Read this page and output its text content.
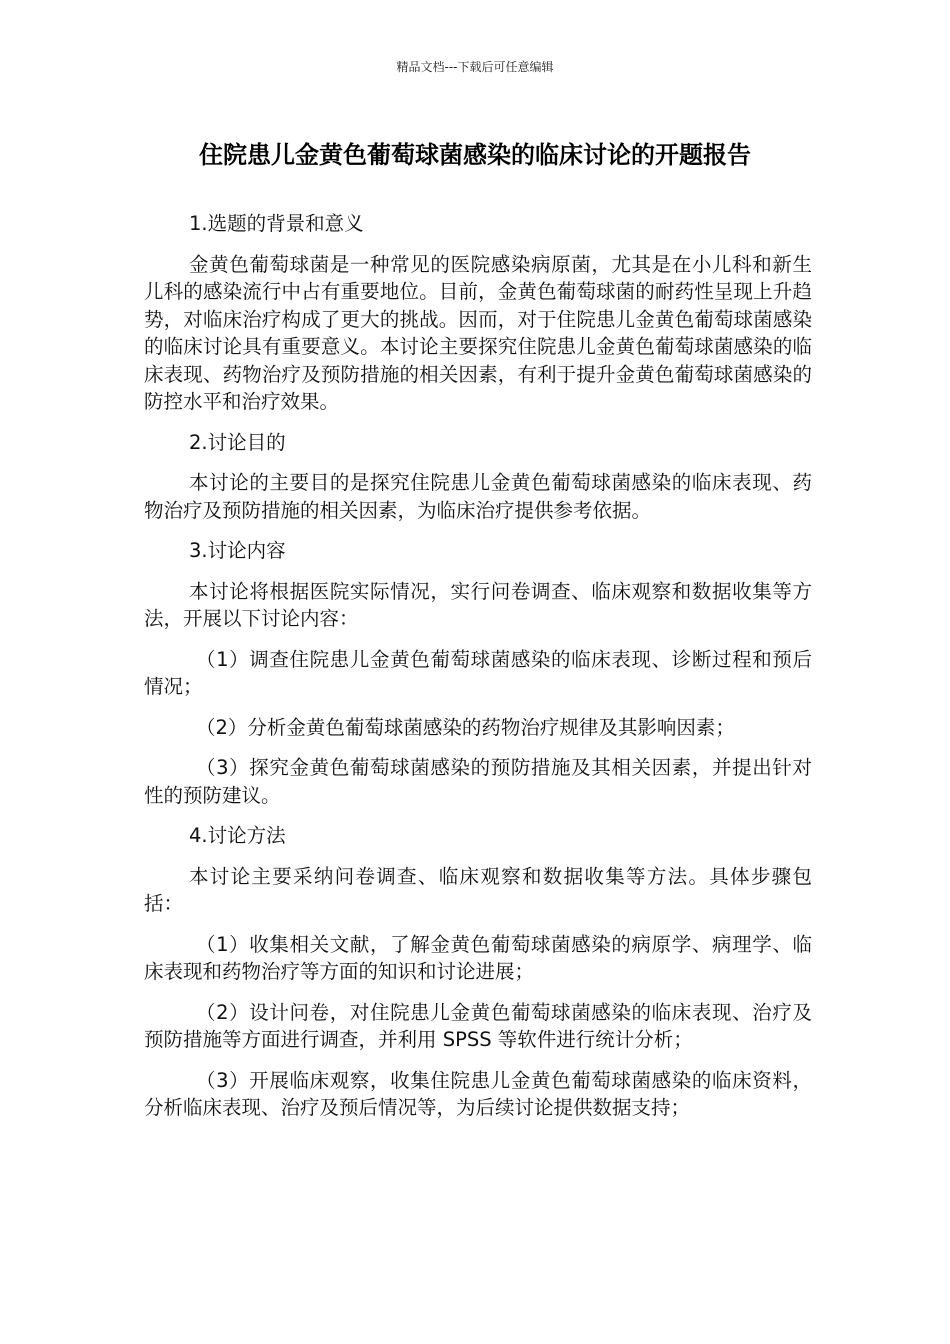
精品文档---下载后可任意编辑
住院患儿金黄色葡萄球菌感染的临床讨论的开题报告

1.选题的背景和意义

金黄色葡萄球菌是一种常见的医院感染病原菌，尤其是在小儿科和新生儿科的感染流行中占有重要地位。目前，金黄色葡萄球菌的耐药性呈现上升趋势，对临床治疗构成了更大的挑战。因而，对于住院患儿金黄色葡萄球菌感染的临床讨论具有重要意义。本讨论主要探究住院患儿金黄色葡萄球菌感染的临床表现、药物治疗及预防措施的相关因素，有利于提升金黄色葡萄球菌感染的防控水平和治疗效果。

2.讨论目的

本讨论的主要目的是探究住院患儿金黄色葡萄球菌感染的临床表现、药物治疗及预防措施的相关因素，为临床治疗提供参考依据。

3.讨论内容

本讨论将根据医院实际情况，实行问卷调查、临床观察和数据收集等方法，开展以下讨论内容：

（1）调查住院患儿金黄色葡萄球菌感染的临床表现、诊断过程和预后情况；

（2）分析金黄色葡萄球菌感染的药物治疗规律及其影响因素；

（3）探究金黄色葡萄球菌感染的预防措施及其相关因素，并提出针对性的预防建议。

4.讨论方法

本讨论主要采纳问卷调查、临床观察和数据收集等方法。具体步骤包括：

（1）收集相关文献，了解金黄色葡萄球菌感染的病原学、病理学、临床表现和药物治疗等方面的知识和讨论进展；

（2）设计问卷，对住院患儿金黄色葡萄球菌感染的临床表现、治疗及预防措施等方面进行调查，并利用 SPSS 等软件进行统计分析；

（3）开展临床观察，收集住院患儿金黄色葡萄球菌感染的临床资料，分析临床表现、治疗及预后情况等，为后续讨论提供数据支持；
